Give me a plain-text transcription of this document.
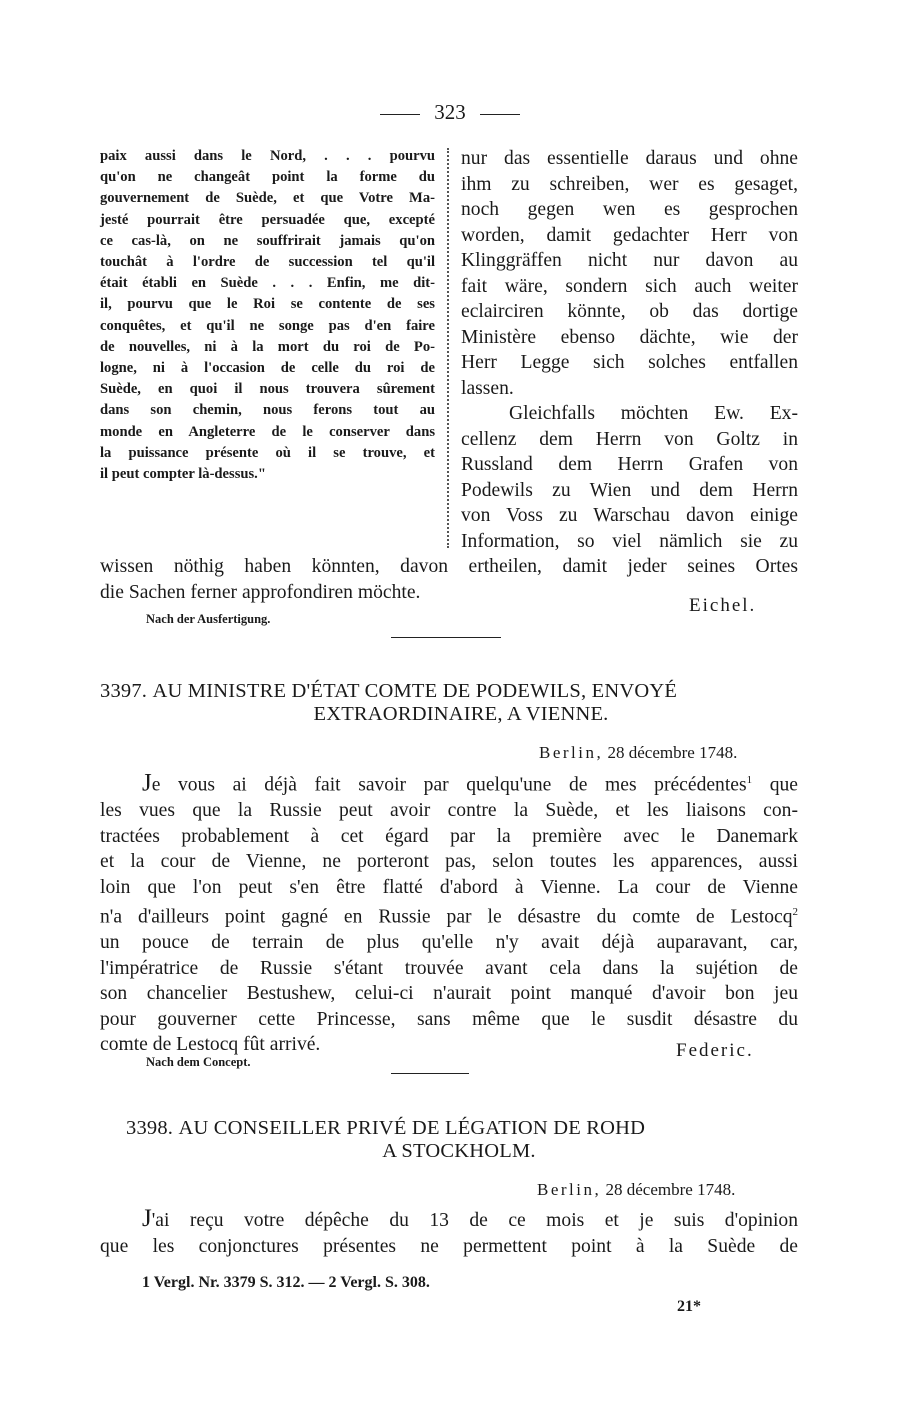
323
paix aussi dans le Nord, . . . pourvu
qu'on ne changeât point la forme du
gouvernement de Suède, et que Votre Ma-
jesté pourrait être persuadée que, excepté
ce cas-là, on ne souffrirait jamais qu'on
touchât à l'ordre de succession tel qu'il
était établi en Suède . . . Enfin, me dit-
il, pourvu que le Roi se contente de ses
conquêtes, et qu'il ne songe pas d'en faire
de nouvelles, ni à la mort du roi de Po-
logne, ni à l'occasion de celle du roi de
Suède, en quoi il nous trouvera sûrement
dans son chemin, nous ferons tout au
monde en Angleterre de le conserver dans
la puissance présente où il se trouve, et
il peut compter là-dessus."
nur das essentielle daraus und ohne
ihm zu schreiben, wer es gesaget,
noch gegen wen es gesprochen
worden, damit gedachter Herr von
Klinggräffen nicht nur davon au
fait wäre, sondern sich auch weiter
eclairciren könnte, ob das dortige
Ministère ebenso dächte, wie der
Herr Legge sich solches entfallen
lassen.
Gleichfalls möchten Ew. Ex-
cellenz dem Herrn von Goltz in
Russland dem Herrn Grafen von
Podewils zu Wien und dem Herrn
von Voss zu Warschau davon einige
Information, so viel nämlich sie zu
wissen nöthig haben könnten, davon ertheilen, damit jeder seines Ortes
die Sachen ferner approfondiren möchte.
Eichel.
Nach der Ausfertigung.
3397. AU MINISTRE D'ÉTAT COMTE DE PODEWILS, ENVOYÉ
EXTRAORDINAIRE, A VIENNE.
Berlin, 28 décembre 1748.
Je vous ai déjà fait savoir par quelqu'une de mes précédentes$^1$ que
les vues que la Russie peut avoir contre la Suède, et les liaisons con-
tractées probablement à cet égard par la première avec le Danemark
et la cour de Vienne, ne porteront pas, selon toutes les apparences, aussi
loin que l'on peut s'en être flatté d'abord à Vienne. La cour de Vienne
n'a d'ailleurs point gagné en Russie par le désastre du comte de Lestocq$^2$
un pouce de terrain de plus qu'elle n'y avait déjà auparavant, car,
l'impératrice de Russie s'étant trouvée avant cela dans la sujétion de
son chancelier Bestushew, celui-ci n'aurait point manqué d'avoir bon jeu
pour gouverner cette Princesse, sans même que le susdit désastre du
comte de Lestocq fût arrivé.	Federic.
Nach dem Concept.
3398. AU CONSEILLER PRIVÉ DE LÉGATION DE ROHD
A STOCKHOLM.
Berlin, 28 décembre 1748.
J'ai reçu votre dépêche du 13 de ce mois et je suis d'opinion
que les conjonctures présentes ne permettent point à la Suède de
1 Vergl. Nr. 3379 S. 312. — 2 Vergl. S. 308.
21*
